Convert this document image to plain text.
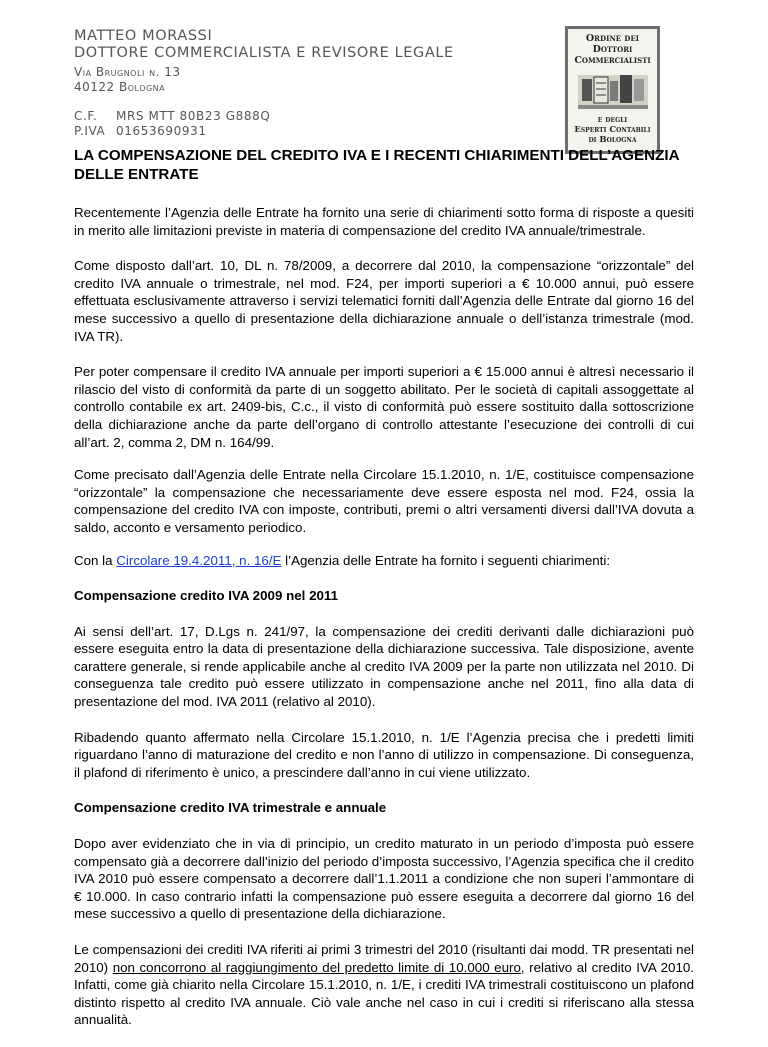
MATTEO MORASSI
DOTTORE COMMERCIALISTA E REVISORE LEGALE
Via Brugnoli n. 13
40122 Bologna
C.F. MRS MTT 80B23 G888Q
P.IVA 01653690931
Ordine dei
Dottori
Commercialisti
e degli
Esperti Contabili
di Bologna
LA COMPENSAZIONE DEL CREDITO IVA E I RECENTI CHIARIMENTI DELL’AGENZIA DELLE ENTRATE

Recentemente l’Agenzia delle Entrate ha fornito una serie di chiarimenti sotto forma di risposte a quesiti in merito alle limitazioni previste in materia di compensazione del credito IVA annuale/trimestrale.

Come disposto dall’art. 10, DL n. 78/2009, a decorrere dal 2010, la compensazione “orizzontale” del credito IVA annuale o trimestrale, nel mod. F24, per importi superiori a € 10.000 annui, può essere effettuata esclusivamente attraverso i servizi telematici forniti dall’Agenzia delle Entrate dal giorno 16 del mese successivo a quello di presentazione della dichiarazione annuale o dell’istanza trimestrale (mod. IVA TR).

Per poter compensare il credito IVA annuale per importi superiori a € 15.000 annui è altresì necessario il rilascio del visto di conformità da parte di un soggetto abilitato. Per le società di capitali assoggettate al controllo contabile ex art. 2409-bis, C.c., il visto di conformità può essere sostituito dalla sottoscrizione della dichiarazione anche da parte dell’organo di controllo attestante l’esecuzione dei controlli di cui all’art. 2, comma 2, DM n. 164/99.

Come precisato dall’Agenzia delle Entrate nella Circolare 15.1.2010, n. 1/E, costituisce compensazione “orizzontale” la compensazione che necessariamente deve essere esposta nel mod. F24, ossia la compensazione del credito IVA con imposte, contributi, premi o altri versamenti diversi dall’IVA dovuta a saldo, acconto e versamento periodico.

Con la Circolare 19.4.2011, n. 16/E l’Agenzia delle Entrate ha fornito i seguenti chiarimenti:

Compensazione credito IVA 2009 nel 2011

Ai sensi dell’art. 17, D.Lgs n. 241/97, la compensazione dei crediti derivanti dalle dichiarazioni può essere eseguita entro la data di presentazione della dichiarazione successiva. Tale disposizione, avente carattere generale, si rende applicabile anche al credito IVA 2009 per la parte non utilizzata nel 2010. Di conseguenza tale credito può essere utilizzato in compensazione anche nel 2011, fino alla data di presentazione del mod. IVA 2011 (relativo al 2010).

Ribadendo quanto affermato nella Circolare 15.1.2010, n. 1/E l’Agenzia precisa che i predetti limiti riguardano l’anno di maturazione del credito e non l’anno di utilizzo in compensazione. Di conseguenza, il plafond di riferimento è unico, a prescindere dall’anno in cui viene utilizzato.

Compensazione credito IVA trimestrale e annuale

Dopo aver evidenziato che in via di principio, un credito maturato in un periodo d’imposta può essere compensato già a decorrere dall’inizio del periodo d’imposta successivo, l’Agenzia specifica che il credito IVA 2010 può essere compensato a decorrere dall’1.1.2011 a condizione che non superi l’ammontare di € 10.000. In caso contrario infatti la compensazione può essere eseguita a decorrere dal giorno 16 del mese successivo a quello di presentazione della dichiarazione.

Le compensazioni dei crediti IVA riferiti ai primi 3 trimestri del 2010 (risultanti dai modd. TR presentati nel 2010) non concorrono al raggiungimento del predetto limite di 10.000 euro, relativo al credito IVA 2010. Infatti, come già chiarito nella Circolare 15.1.2010, n. 1/E, i crediti IVA trimestrali costituiscono un plafond distinto rispetto al credito IVA annuale. Ciò vale anche nel caso in cui i crediti si riferiscano alla stessa annualità.
